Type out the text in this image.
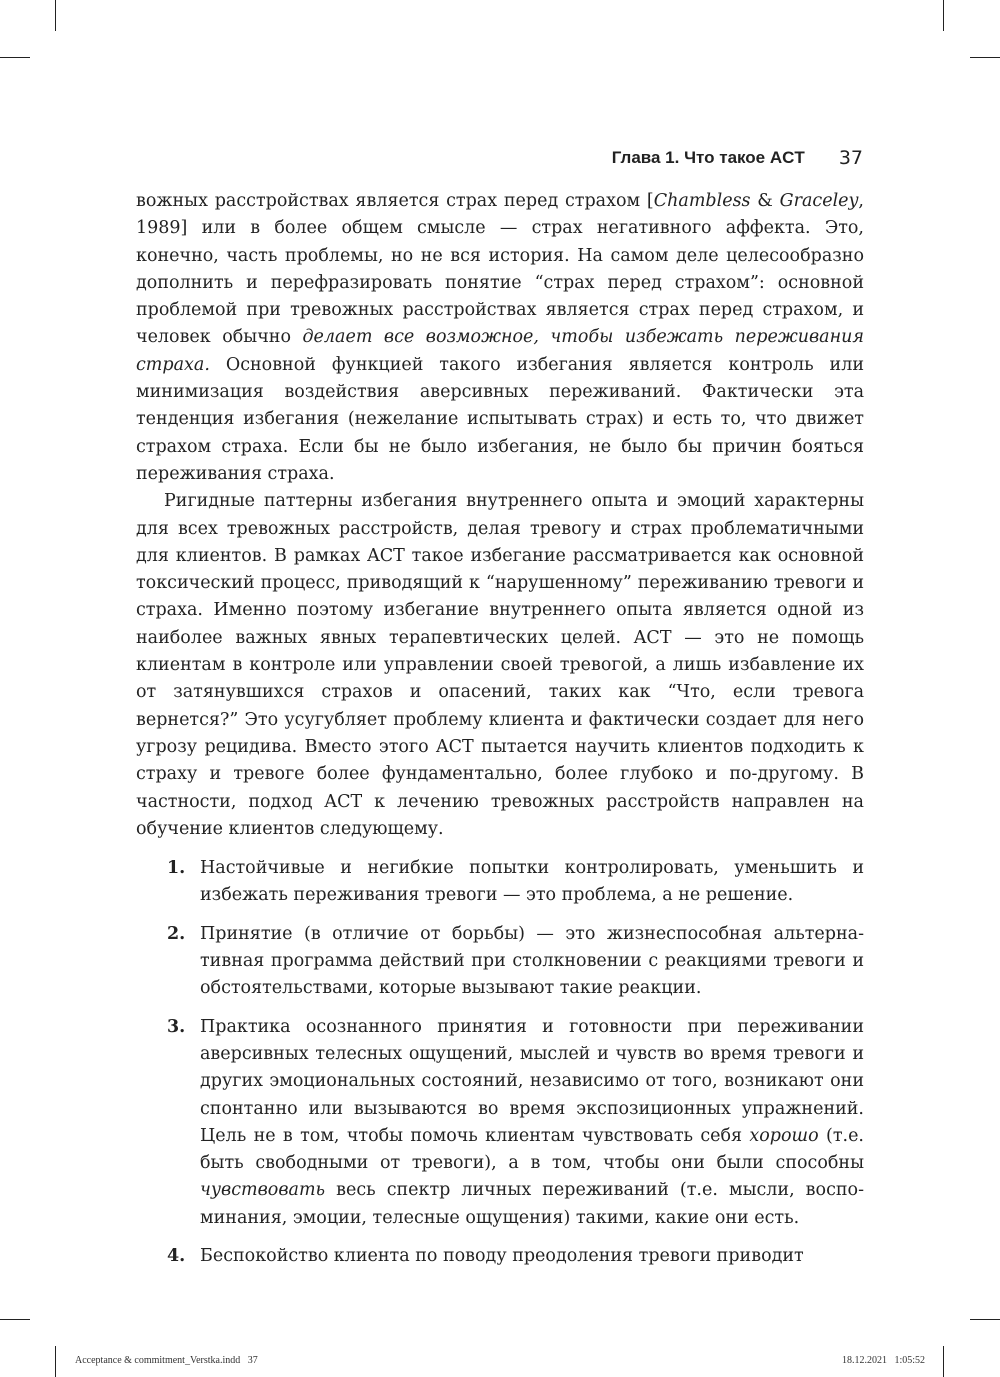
Глава 1. Что такое ACT 37

вожных расстройствах является страх перед страхом [Chambless & Graceley, 1989] или в более общем смысле — страх негативного аффекта. Это, конечно, часть проблемы, но не вся история. На самом деле целесообразно дополнить и перефразировать понятие “страх перед страхом”: основной проблемой при тревожных расстройствах является страх перед страхом, и человек обычно делает все возможное, чтобы избежать переживания страха. Основной функцией такого избегания является контроль или минимизация воздействия аверсивных переживаний. Фактически эта тенденция избегания (нежелание испытывать страх) и есть то, что движет страхом страха. Если бы не было избегания, не было бы причин бояться переживания страха.

Ригидные паттерны избегания внутреннего опыта и эмоций характерны для всех тревожных расстройств, делая тревогу и страх проблематичными для клиентов. В рамках ACT такое избегание рассматривается как основной токсический процесс, приводящий к “нарушенному” переживанию тревоги и страха. Именно поэтому избегание внутреннего опыта является одной из наиболее важных явных терапевтических целей. ACT — это не помощь клиентам в контроле или управлении своей тревогой, а лишь избавление их от затянувшихся страхов и опасений, таких как “Что, если тревога вернется?” Это усугубляет проблему клиента и фактически создает для него угрозу рецидива. Вместо этого ACT пытается научить клиентов подходить к страху и тревоге более фундаментально, более глубоко и по-другому. В частности, подход ACT к лечению тревожных расстройств направлен на обучение клиентов следующему.

1. Настойчивые и негибкие попытки контролировать, уменьшить и избежать переживания тревоги — это проблема, а не решение.
2. Принятие (в отличие от борьбы) — это жизнеспособная альтернативная программа действий при столкновении с реакциями тревоги и обстоятельствами, которые вызывают такие реакции.
3. Практика осознанного принятия и готовности при переживании аверсивных телесных ощущений, мыслей и чувств во время тревоги и других эмоциональных состояний, независимо от того, возникают они спонтанно или вызываются во время экспозиционных упражнений. Цель не в том, чтобы помочь клиентам чувствовать себя хорошо (т.е. быть свободными от тревоги), а в том, чтобы они были способны чувствовать весь спектр личных переживаний (т.е. мысли, воспоминания, эмоции, телесные ощущения) такими, какие они есть.
4. Беспокойство клиента по поводу преодоления тревоги приводит
Acceptance & commitment_Verstka.indd   37	18.12.2021   1:05:52
